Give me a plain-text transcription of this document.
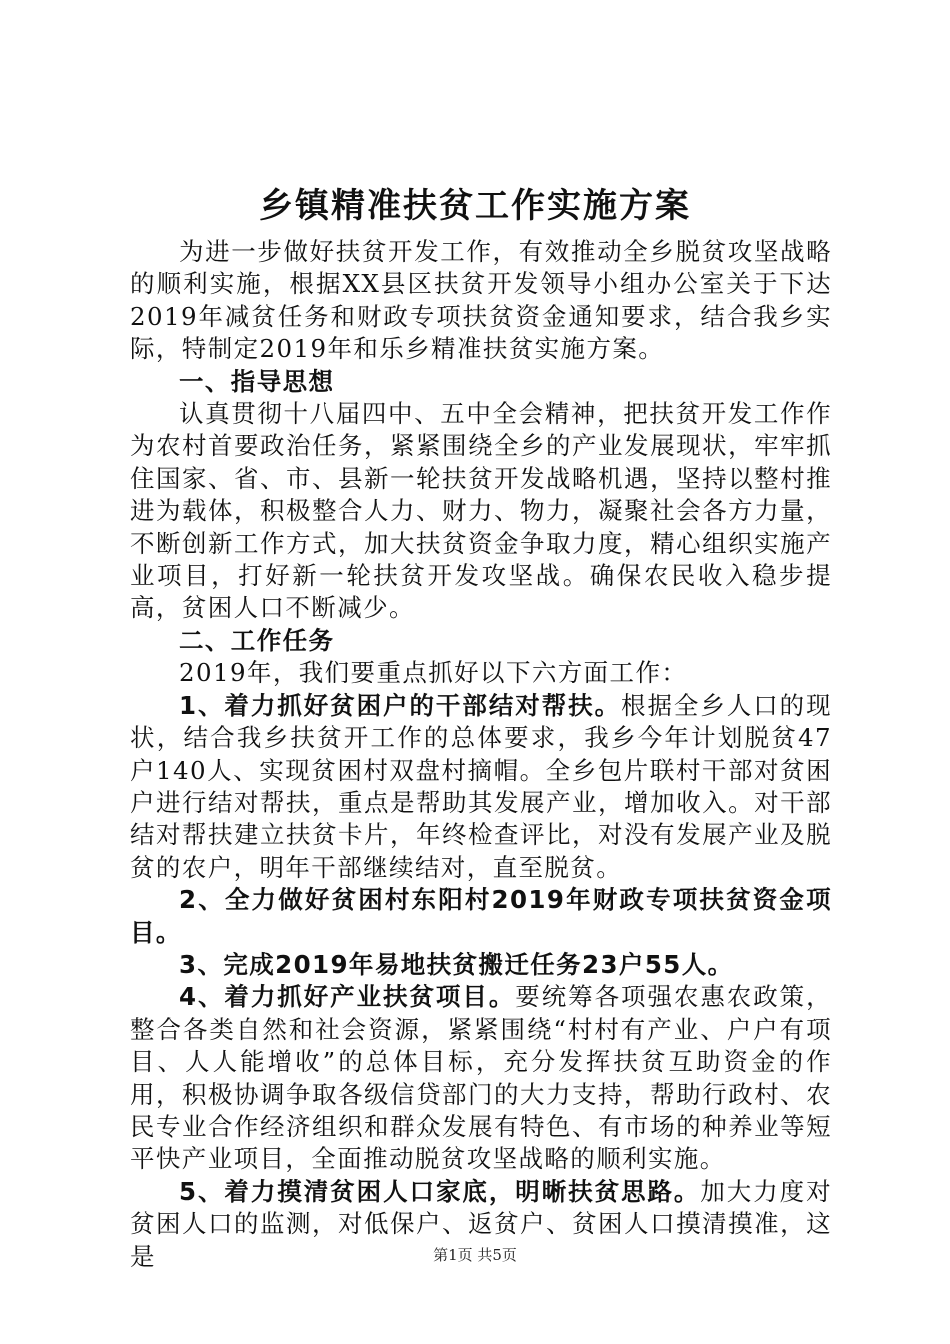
乡镇精准扶贫工作实施方案

为进一步做好扶贫开发工作，有效推动全乡脱贫攻坚战略的顺利实施，根据XX县区扶贫开发领导小组办公室关于下达2019年减贫任务和财政专项扶贫资金通知要求，结合我乡实际，特制定2019年和乐乡精准扶贫实施方案。

一、指导思想

认真贯彻十八届四中、五中全会精神，把扶贫开发工作作为农村首要政治任务，紧紧围绕全乡的产业发展现状，牢牢抓住国家、省、市、县新一轮扶贫开发战略机遇，坚持以整村推进为载体，积极整合人力、财力、物力，凝聚社会各方力量，不断创新工作方式，加大扶贫资金争取力度，精心组织实施产业项目，打好新一轮扶贫开发攻坚战。确保农民收入稳步提高，贫困人口不断减少。

二、工作任务

2019年，我们要重点抓好以下六方面工作：

1、着力抓好贫困户的干部结对帮扶。根据全乡人口的现状，结合我乡扶贫开工作的总体要求，我乡今年计划脱贫47户140人、实现贫困村双盘村摘帽。全乡包片联村干部对贫困户进行结对帮扶，重点是帮助其发展产业，增加收入。对干部结对帮扶建立扶贫卡片，年终检查评比，对没有发展产业及脱贫的农户，明年干部继续结对，直至脱贫。

2、全力做好贫困村东阳村2019年财政专项扶贫资金项目。

3、完成2019年易地扶贫搬迁任务23户55人。

4、着力抓好产业扶贫项目。要统筹各项强农惠农政策，整合各类自然和社会资源，紧紧围绕“村村有产业、户户有项目、人人能增收”的总体目标，充分发挥扶贫互助资金的作用，积极协调争取各级信贷部门的大力支持，帮助行政村、农民专业合作经济组织和群众发展有特色、有市场的种养业等短平快产业项目，全面推动脱贫攻坚战略的顺利实施。

5、着力摸清贫困人口家底，明晰扶贫思路。加大力度对贫困人口的监测，对低保户、返贫户、贫困人口摸清摸准，这是	第1页 共5页
